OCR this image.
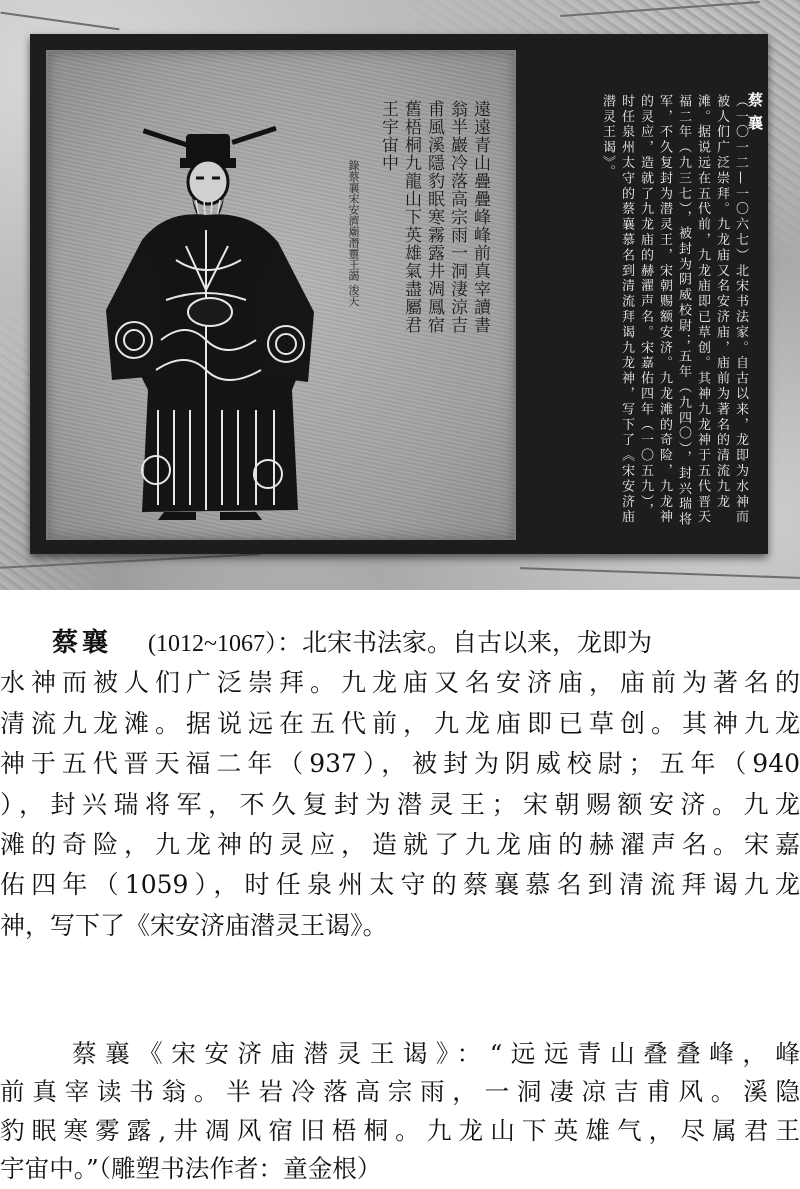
遠遠青山疊疊峰峰前真宰讀書翁半巖冷落高宗雨一洞淒涼吉甫風溪隱豹眠寒霧露井凋鳳宿舊梧桐九龍山下英雄氣盡屬君王宇宙中
錄蔡襄宋安濟廟潛靈王謁 浚天
蔡襄
（一〇一二—一〇六七）北宋书法家。自古以来，龙即为水神而被人们广泛崇拜。九龙庙又名安济庙，庙前为著名的清流九龙滩。据说远在五代前，九龙庙即已草创。其神九龙神于五代晋天福二年（九三七），被封为阴威校尉；五年（九四〇），封兴瑞将军，不久复封为潜灵王，宋朝赐额安济。九龙滩的奇险，九龙神的灵应，造就了九龙庙的赫濯声名。宋嘉佑四年（一〇五九），时任泉州太守的蔡襄慕名到清流拜谒九龙神，写下了《宋安济庙潜灵王谒》。
蔡襄 (1012~1067）：北宋书法家。自古以来，龙即为
水神而被人们广泛崇拜。九龙庙又名安济庙，庙前为著名的
清流九龙滩。据说远在五代前，九龙庙即已草创。其神九龙
神于五代晋天福二年（937），被封为阴威校尉；五年（940
），封兴瑞将军，不久复封为潜灵王；宋朝赐额安济。九龙
滩的奇险，九龙神的灵应，造就了九龙庙的赫濯声名。宋嘉
佑四年（1059），时任泉州太守的蔡襄慕名到清流拜谒九龙
神，写下了《宋安济庙潜灵王谒》。
蔡襄《宋安济庙潜灵王谒》：“远远青山叠叠峰，峰
前真宰读书翁。半岩冷落高宗雨，一洞凄凉吉甫风。溪隐
豹眠寒雾露,井凋风宿旧梧桐。九龙山下英雄气，尽属君王
宇宙中。”（雕塑书法作者：童金根）
